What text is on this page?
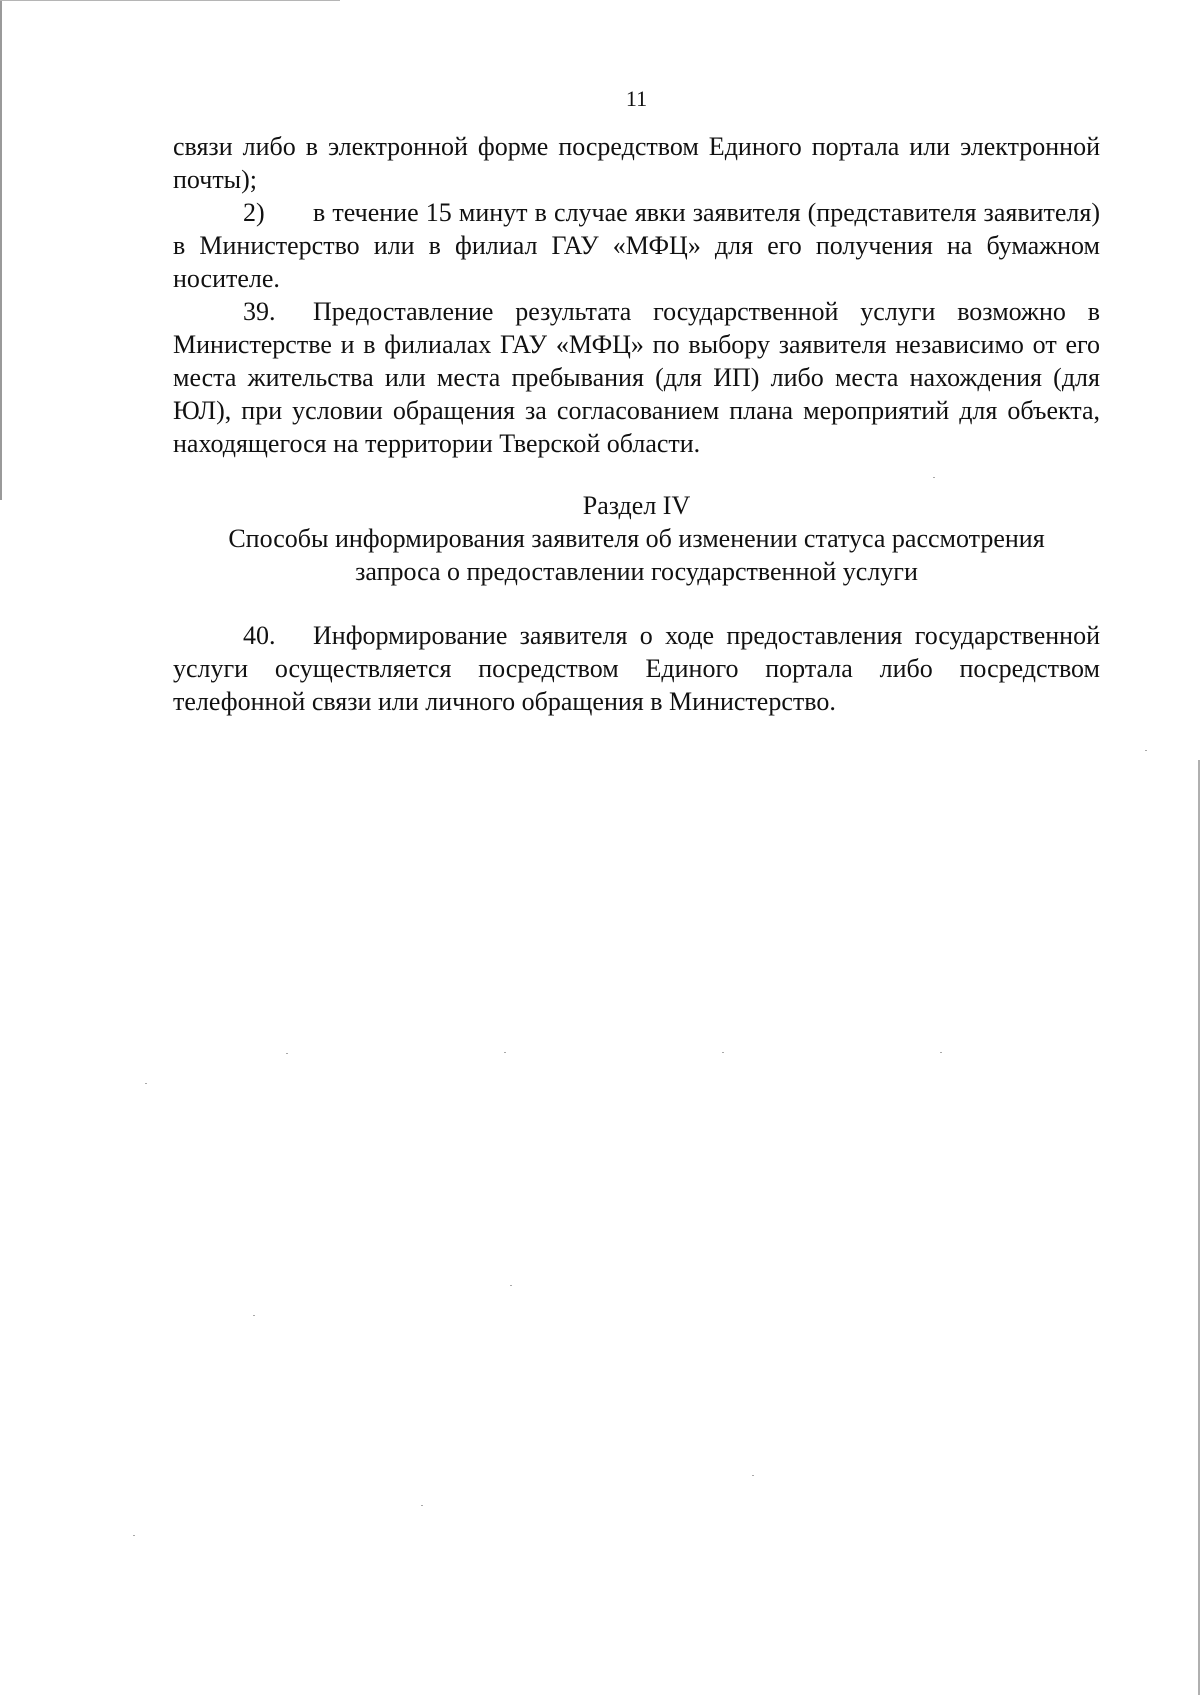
11

связи либо в электронной форме посредством Единого портала или электронной почты);

2) в течение 15 минут в случае явки заявителя (представителя заявителя) в Министерство или в филиал ГАУ «МФЦ» для его получения на бумажном носителе.

39. Предоставление результата государственной услуги возможно в Министерстве и в филиалах ГАУ «МФЦ» по выбору заявителя независимо от его места жительства или места пребывания (для ИП) либо места нахождения (для ЮЛ), при условии обращения за согласованием плана мероприятий для объекта, находящегося на территории Тверской области.

Раздел IV
Способы информирования заявителя об изменении статуса рассмотрения
запроса о предоставлении государственной услуги

40. Информирование заявителя о ходе предоставления государственной услуги осуществляется посредством Единого портала либо посредством телефонной связи или личного обращения в Министерство.
